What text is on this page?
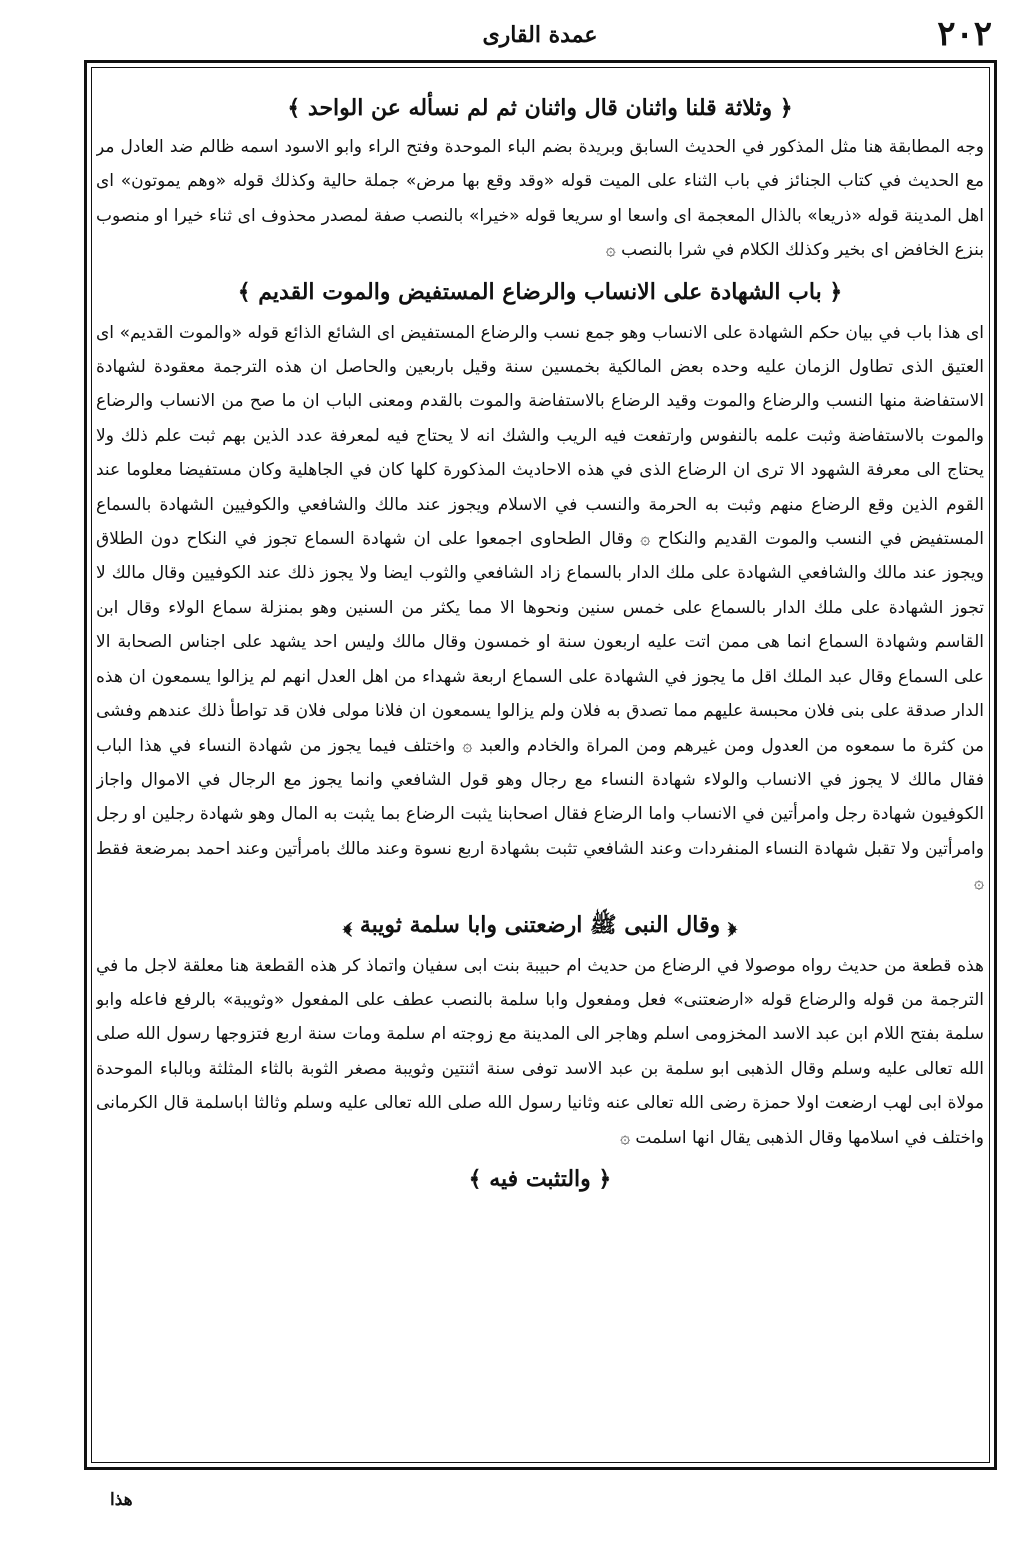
٢٠٢
عمدة القارى

﴿ وثلاثة قلنا واثنان قال واثنان ثم لم نسأله عن الواحد ﴾

وجه المطابقة هنا مثل المذكور في الحديث السابق وبريدة بضم الباء الموحدة وفتح الراء وابو الاسود اسمه ظالم ضد العادل مر مع الحديث في كتاب الجنائز في باب الثناء على الميت قوله «وقد وقع بها مرض» جملة حالية وكذلك قوله «وهم يموتون» اى اهل المدينة قوله «ذريعا» بالذال المعجمة اى واسعا او سريعا قوله «خيرا» بالنصب صفة لمصدر محذوف اى ثناء خيرا او منصوب بنزع الخافض اى بخير وكذلك الكلام في شرا بالنصب ۞

﴿ باب الشهادة على الانساب والرضاع المستفيض والموت القديم ﴾

اى هذا باب في بيان حكم الشهادة على الانساب وهو جمع نسب والرضاع المستفيض اى الشائع الذائع قوله «والموت القديم» اى العتيق الذى تطاول الزمان عليه وحده بعض المالكية بخمسين سنة وقيل باربعين والحاصل ان هذه الترجمة معقودة لشهادة الاستفاضة منها النسب والرضاع والموت وقيد الرضاع بالاستفاضة والموت بالقدم ومعنى الباب ان ما صح من الانساب والرضاع والموت بالاستفاضة وثبت علمه بالنفوس وارتفعت فيه الريب والشك انه لا يحتاج فيه لمعرفة عدد الذين بهم ثبت علم ذلك ولا يحتاج الى معرفة الشهود الا ترى ان الرضاع الذى في هذه الاحاديث المذكورة كلها كان في الجاهلية وكان مستفيضا معلوما عند القوم الذين وقع الرضاع منهم وثبت به الحرمة والنسب في الاسلام ويجوز عند مالك والشافعي والكوفيين الشهادة بالسماع المستفيض في النسب والموت القديم والنكاح ۞ وقال الطحاوى اجمعوا على ان شهادة السماع تجوز في النكاح دون الطلاق ويجوز عند مالك والشافعي الشهادة على ملك الدار بالسماع زاد الشافعي والثوب ايضا ولا يجوز ذلك عند الكوفيين وقال مالك لا تجوز الشهادة على ملك الدار بالسماع على خمس سنين ونحوها الا مما يكثر من السنين وهو بمنزلة سماع الولاء وقال ابن القاسم وشهادة السماع انما هى ممن اتت عليه اربعون سنة او خمسون وقال مالك وليس احد يشهد على اجناس الصحابة الا على السماع وقال عبد الملك اقل ما يجوز في الشهادة على السماع اربعة شهداء من اهل العدل انهم لم يزالوا يسمعون ان هذه الدار صدقة على بنى فلان محبسة عليهم مما تصدق به فلان ولم يزالوا يسمعون ان فلانا مولى فلان قد تواطأ ذلك عندهم وفشى من كثرة ما سمعوه من العدول ومن غيرهم ومن المراة والخادم والعبد ۞ واختلف فيما يجوز من شهادة النساء في هذا الباب فقال مالك لا يجوز في الانساب والولاء شهادة النساء مع رجال وهو قول الشافعي وانما يجوز مع الرجال في الاموال واجاز الكوفيون شهادة رجل وامرأتين في الانساب واما الرضاع فقال اصحابنا يثبت الرضاع بما يثبت به المال وهو شهادة رجلين او رجل وامرأتين ولا تقبل شهادة النساء المنفردات وعند الشافعي تثبت بشهادة اربع نسوة وعند مالك بامرأتين وعند احمد بمرضعة فقط ۞

﴿ وقال النبى ﷺ ارضعتنى وابا سلمة ثويبة ﴾

هذه قطعة من حديث رواه موصولا في الرضاع من حديث ام حبيبة بنت ابى سفيان واتماذ كر هذه القطعة هنا معلقة لاجل ما في الترجمة من قوله والرضاع قوله «ارضعتنى» فعل ومفعول وابا سلمة بالنصب عطف على المفعول «وثويبة» بالرفع فاعله وابو سلمة بفتح اللام ابن عبد الاسد المخزومى اسلم وهاجر الى المدينة مع زوجته ام سلمة ومات سنة اربع فتزوجها رسول الله صلى الله تعالى عليه وسلم وقال الذهبى ابو سلمة بن عبد الاسد توفى سنة اثنتين وثويبة مصغر الثوبة بالثاء المثلثة وبالباء الموحدة مولاة ابى لهب ارضعت اولا حمزة رضى الله تعالى عنه وثانيا رسول الله صلى الله تعالى عليه وسلم وثالثا اباسلمة قال الكرمانى واختلف في اسلامها وقال الذهبى يقال انها اسلمت ۞

﴿ والتثبت فيه ﴾

هذا
